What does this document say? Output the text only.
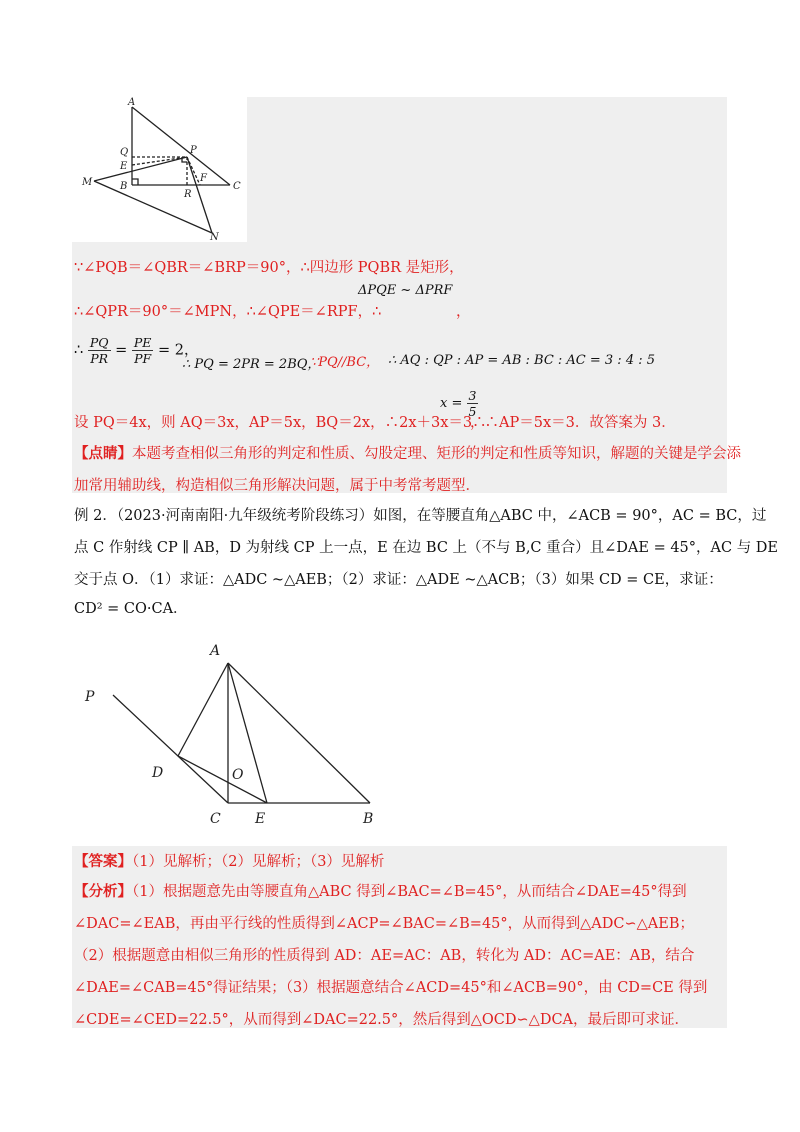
A
Q
E
P
M	B
R
F
C
N
∵∠PQB＝∠QBR＝∠BRP＝90°，∴四边形 PQBR 是矩形，
∴∠QPR＝90°＝∠MPN，∴∠QPE＝∠RPF，∴
ΔPQE ~ ΔPRF
，
∴ $\frac{PQ}{PR} = \frac{PE}{PF} = 2$，
∴ PQ = 2PR = 2BQ，
∵PQ//BC， ∴ AQ : QP : AP = AB : BC : AC = 3 : 4 : 5
设 PQ＝4x，则 AQ＝3x，AP＝5x，BQ＝2x，∴2x＋3x＝3∴
$x = \frac{3}{5}$
，∴AP＝5x＝3．故答案为 3．
【点睛】本题考查相似三角形的判定和性质、勾股定理、矩形的判定和性质等知识，解题的关键是学会添
加常用辅助线，构造相似三角形解决问题，属于中考常考题型．
例 2．（2023·河南南阳·九年级统考阶段练习）如图，在等腰直角△ABC 中，∠ACB = 90°，AC = BC，过
点 C 作射线 CP ∥ AB，D 为射线 CP 上一点，E 在边 BC 上（不与 B,C 重合）且∠DAE = 45°，AC 与 DE
交于点 O．（1）求证：△ADC ~△AEB；（2）求证：△ADE ~△ACB；（3）如果 CD = CE，求证：
CD² = CO·CA．
A
P
D	O
C E	B
【答案】（1）见解析；（2）见解析；（3）见解析
【分析】（1）根据题意先由等腰直角△ABC 得到∠BAC=∠B=45°，从而结合∠DAE=45°得到
∠DAC=∠EAB，再由平行线的性质得到∠ACP=∠BAC=∠B=45°，从而得到△ADC∽△AEB；
（2）根据题意由相似三角形的性质得到 AD：AE=AC：AB，转化为 AD：AC=AE：AB，结合
∠DAE=∠CAB=45°得证结果；（3）根据题意结合∠ACD=45°和∠ACB=90°，由 CD=CE 得到
∠CDE=∠CED=22.5°，从而得到∠DAC=22.5°，然后得到△OCD∽△DCA，最后即可求证．
